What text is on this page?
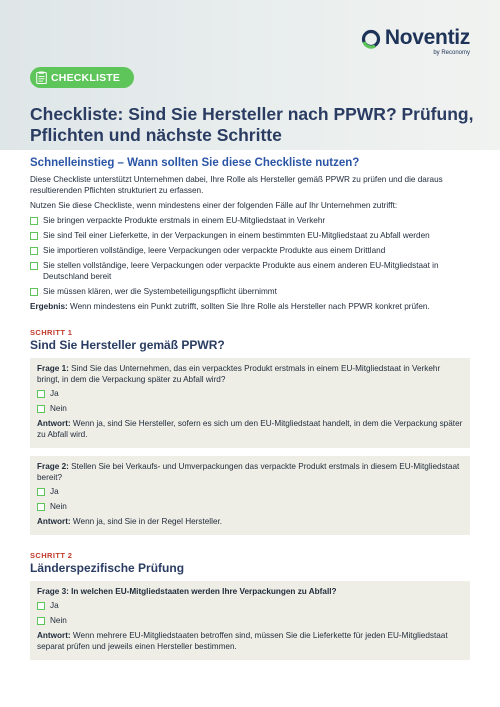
Noventiz
by Reconomy
CHECKLISTE
Checkliste: Sind Sie Hersteller nach PPWR? Prüfung, Pflichten und nächste Schritte
Schnelleinstieg – Wann sollten Sie diese Checkliste nutzen?

Diese Checkliste unterstützt Unternehmen dabei, Ihre Rolle als Hersteller gemäß PPWR zu prüfen und die daraus resultierenden Pflichten strukturiert zu erfassen.

Nutzen Sie diese Checkliste, wenn mindestens einer der folgenden Fälle auf Ihr Unternehmen zutrifft:

Sie bringen verpackte Produkte erstmals in einem EU-Mitgliedstaat in Verkehr
Sie sind Teil einer Lieferkette, in der Verpackungen in einem bestimmten EU-Mitgliedstaat zu Abfall werden
Sie importieren vollständige, leere Verpackungen oder verpackte Produkte aus einem Drittland
Sie stellen vollständige, leere Verpackungen oder verpackte Produkte aus einem anderen EU-Mitgliedstaat in Deutschland bereit
Sie müssen klären, wer die Systembeteiligungspflicht übernimmt

Ergebnis: Wenn mindestens ein Punkt zutrifft, sollten Sie Ihre Rolle als Hersteller nach PPWR konkret prüfen.

SCHRITT 1
Sind Sie Hersteller gemäß PPWR?

Frage 1: Sind Sie das Unternehmen, das ein verpacktes Produkt erstmals in einem EU-Mitgliedstaat in Verkehr bringt, in dem die Verpackung später zu Abfall wird?

Ja
Nein

Antwort: Wenn ja, sind Sie Hersteller, sofern es sich um den EU-Mitgliedstaat handelt, in dem die Verpackung später zu Abfall wird.

Frage 2: Stellen Sie bei Verkaufs- und Umverpackungen das verpackte Produkt erstmals in diesem EU-Mitgliedstaat bereit?

Ja
Nein

Antwort: Wenn ja, sind Sie in der Regel Hersteller.

SCHRITT 2
Länderspezifische Prüfung

Frage 3: In welchen EU-Mitgliedstaaten werden Ihre Verpackungen zu Abfall?

Ja
Nein

Antwort: Wenn mehrere EU-Mitgliedstaaten betroffen sind, müssen Sie die Lieferkette für jeden EU-Mitgliedstaat separat prüfen und jeweils einen Hersteller bestimmen.
